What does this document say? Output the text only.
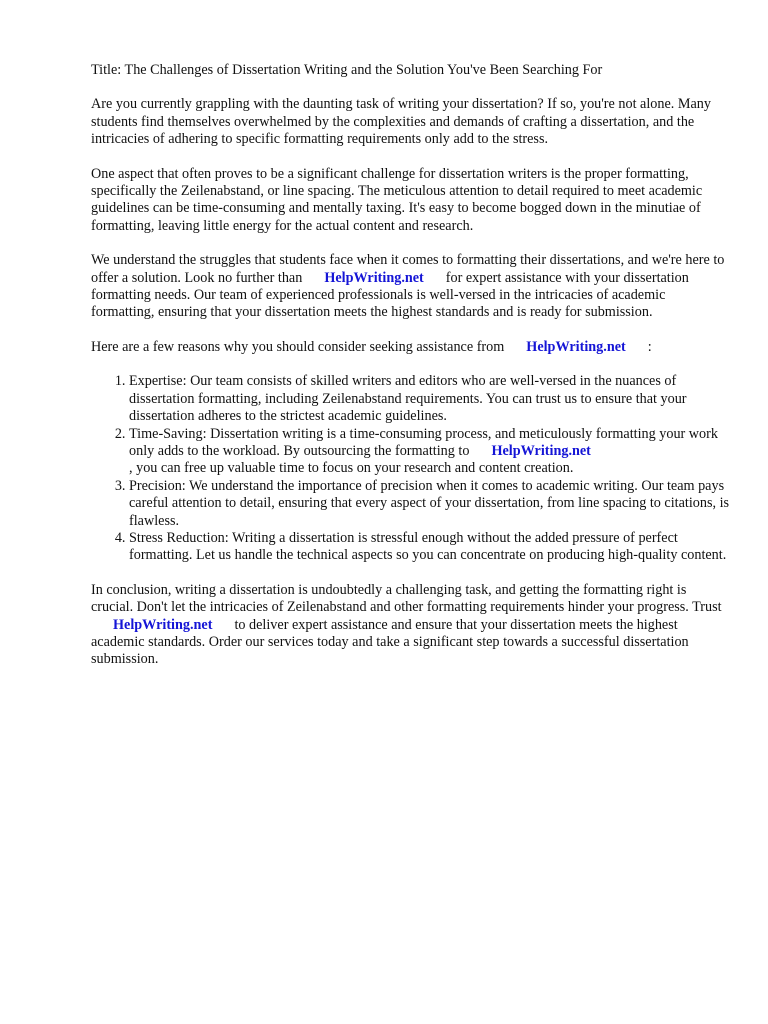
Title: The Challenges of Dissertation Writing and the Solution You've Been Searching For

Are you currently grappling with the daunting task of writing your dissertation? If so, you're not alone. Many students find themselves overwhelmed by the complexities and demands of crafting a dissertation, and the intricacies of adhering to specific formatting requirements only add to the stress.

One aspect that often proves to be a significant challenge for dissertation writers is the proper formatting, specifically the Zeilenabstand, or line spacing. The meticulous attention to detail required to meet academic guidelines can be time-consuming and mentally taxing. It's easy to become bogged down in the minutiae of formatting, leaving little energy for the actual content and research.

We understand the struggles that students face when it comes to formatting their dissertations, and we're here to offer a solution. Look no further than HelpWriting.net for expert assistance with your dissertation formatting needs. Our team of experienced professionals is well-versed in the intricacies of academic formatting, ensuring that your dissertation meets the highest standards and is ready for submission.

Here are a few reasons why you should consider seeking assistance from HelpWriting.net :

1. Expertise: Our team consists of skilled writers and editors who are well-versed in the nuances of dissertation formatting, including Zeilenabstand requirements. You can trust us to ensure that your dissertation adheres to the strictest academic guidelines.
2. Time-Saving: Dissertation writing is a time-consuming process, and meticulously formatting your work only adds to the workload. By outsourcing the formatting to HelpWriting.net
, you can free up valuable time to focus on your research and content creation.
3. Precision: We understand the importance of precision when it comes to academic writing. Our team pays careful attention to detail, ensuring that every aspect of your dissertation, from line spacing to citations, is flawless.
4. Stress Reduction: Writing a dissertation is stressful enough without the added pressure of perfect formatting. Let us handle the technical aspects so you can concentrate on producing high-quality content.

In conclusion, writing a dissertation is undoubtedly a challenging task, and getting the formatting right is crucial. Don't let the intricacies of Zeilenabstand and other formatting requirements hinder your progress. TrustHelpWriting.net to deliver expert assistance and ensure that your dissertation meets the highest academic standards. Order our services today and take a significant step towards a successful dissertation submission.
